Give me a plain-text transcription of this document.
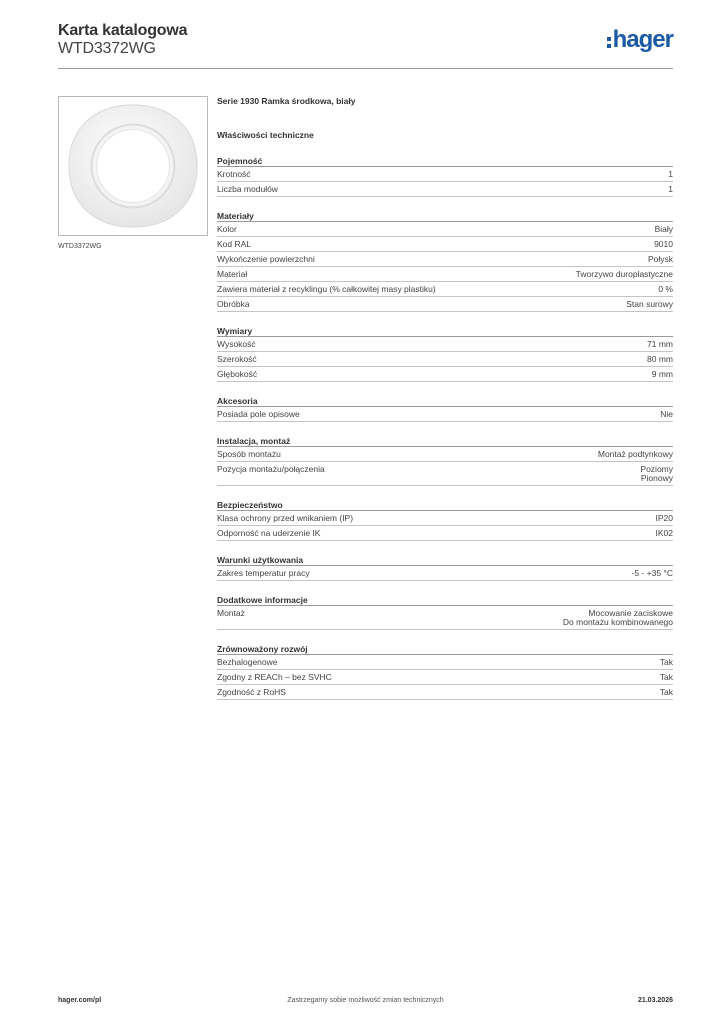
Karta katalogowa
WTD3372WG	hager
WTD3372WG
Serie 1930 Ramka środkowa, biały
Właściwości techniczne
Pojemność
Krotność	1
Liczba modułów	1
Materiały
Kolor	Biały
Kod RAL	9010
Wykończenie powierzchni	Połysk
Materiał	Tworzywo duroplastyczne
Zawiera materiał z recyklingu (% całkowitej masy plastiku)	0 %
Obróbka	Stan surowy
Wymiary
Wysokość	71 mm
Szerokość	80 mm
Głębokość	9 mm
Akcesoria
Posiada pole opisowe	Nie
Instalacja, montaż
Sposób montażu	Montaż podtynkowy
Pozycja montażu/połączenia	Poziomy
Pionowy
Bezpieczeństwo
Klasa ochrony przed wnikaniem (IP)	IP20
Odporność na uderzenie IK	IK02
Warunki użytkowania
Zakres temperatur pracy	-5 - +35 °C
Dodatkowe informacje
Montaż	Mocowanie zaciskowe
Do montażu kombinowanego
Zrównoważony rozwój
Bezhalogenowe	Tak
Zgodny z REACh – bez SVHC	Tak
Zgodność z RoHS	Tak
hager.com/pl	Zastrzegamy sobie możliwość zmian technicznych	21.03.2026
